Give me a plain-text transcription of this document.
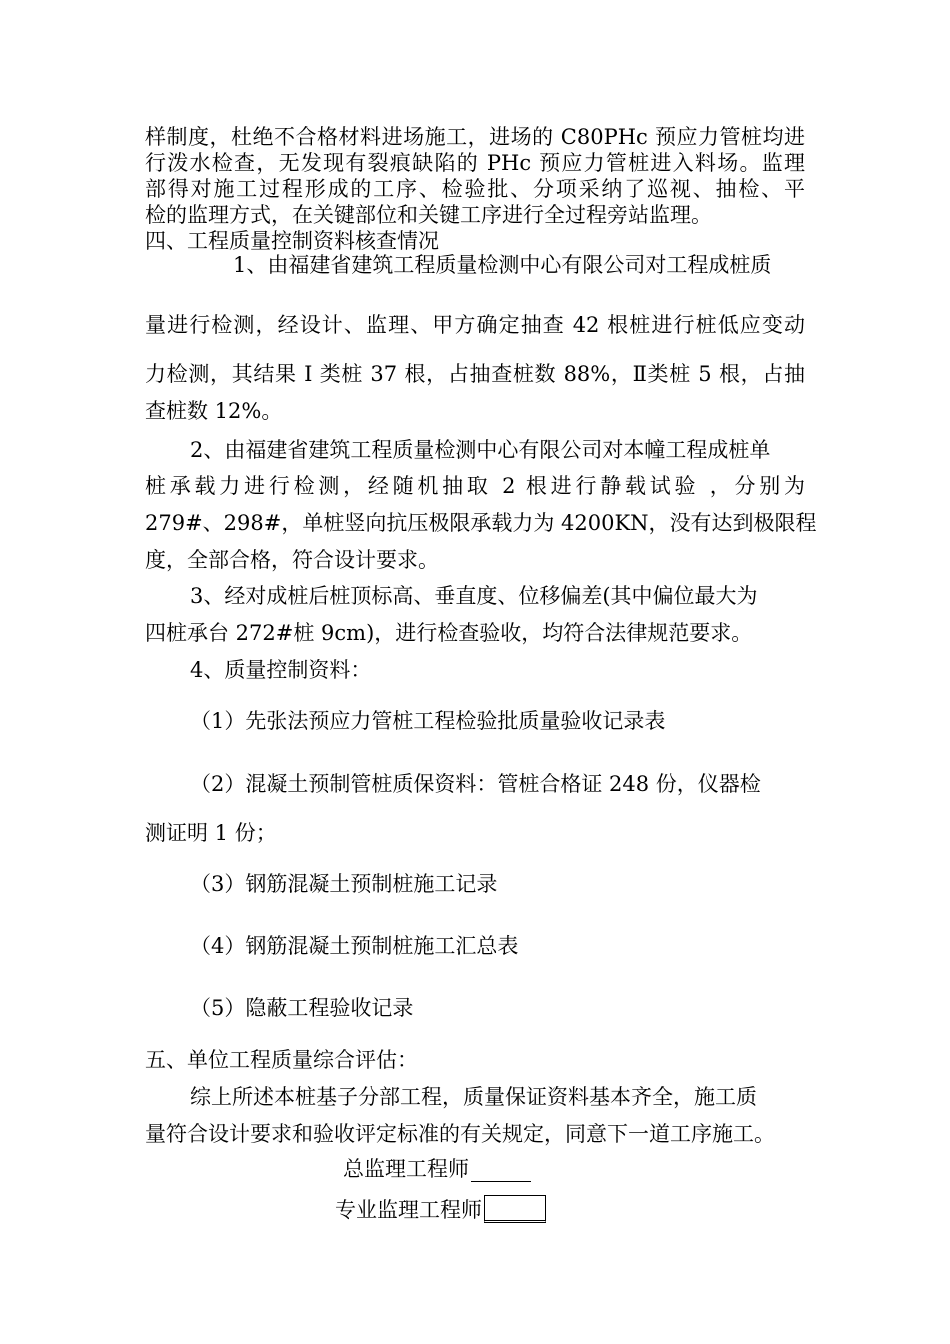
样制度，杜绝不合格材料进场施工，进场的 C80PHc 预应力管桩均进
行泼水检查，无发现有裂痕缺陷的 PHc 预应力管桩进入料场。监理
部得对施工过程形成的工序、检验批、分项采纳了巡视、抽检、平
检的监理方式，在关键部位和关键工序进行全过程旁站监理。
四、工程质量控制资料核查情况
1、由福建省建筑工程质量检测中心有限公司对工程成桩质
量进行检测，经设计、监理、甲方确定抽查 42 根桩进行桩低应变动
力检测，其结果 I 类桩 37 根，占抽查桩数 88%，Ⅱ类桩 5 根，占抽
查桩数 12%。
2、由福建省建筑工程质量检测中心有限公司对本幢工程成桩单
桩承载力进行检测，经随机抽取 2 根进行静载试验 ，分别为
279#、298#，单桩竖向抗压极限承载力为 4200KN，没有达到极限程
度，全部合格，符合设计要求。
3、经对成桩后桩顶标高、垂直度、位移偏差(其中偏位最大为
四桩承台 272#桩 9cm)，进行检查验收，均符合法律规范要求。
4、质量控制资料：
（1）先张法预应力管桩工程检验批质量验收记录表
（2）混凝土预制管桩质保资料：管桩合格证 248 份，仪器检
测证明 1 份；
（3）钢筋混凝土预制桩施工记录
（4）钢筋混凝土预制桩施工汇总表
（5）隐蔽工程验收记录
五、单位工程质量综合评估：
综上所述本桩基子分部工程，质量保证资料基本齐全，施工质
量符合设计要求和验收评定标准的有关规定，同意下一道工序施工。
总监理工程师
专业监理工程师
